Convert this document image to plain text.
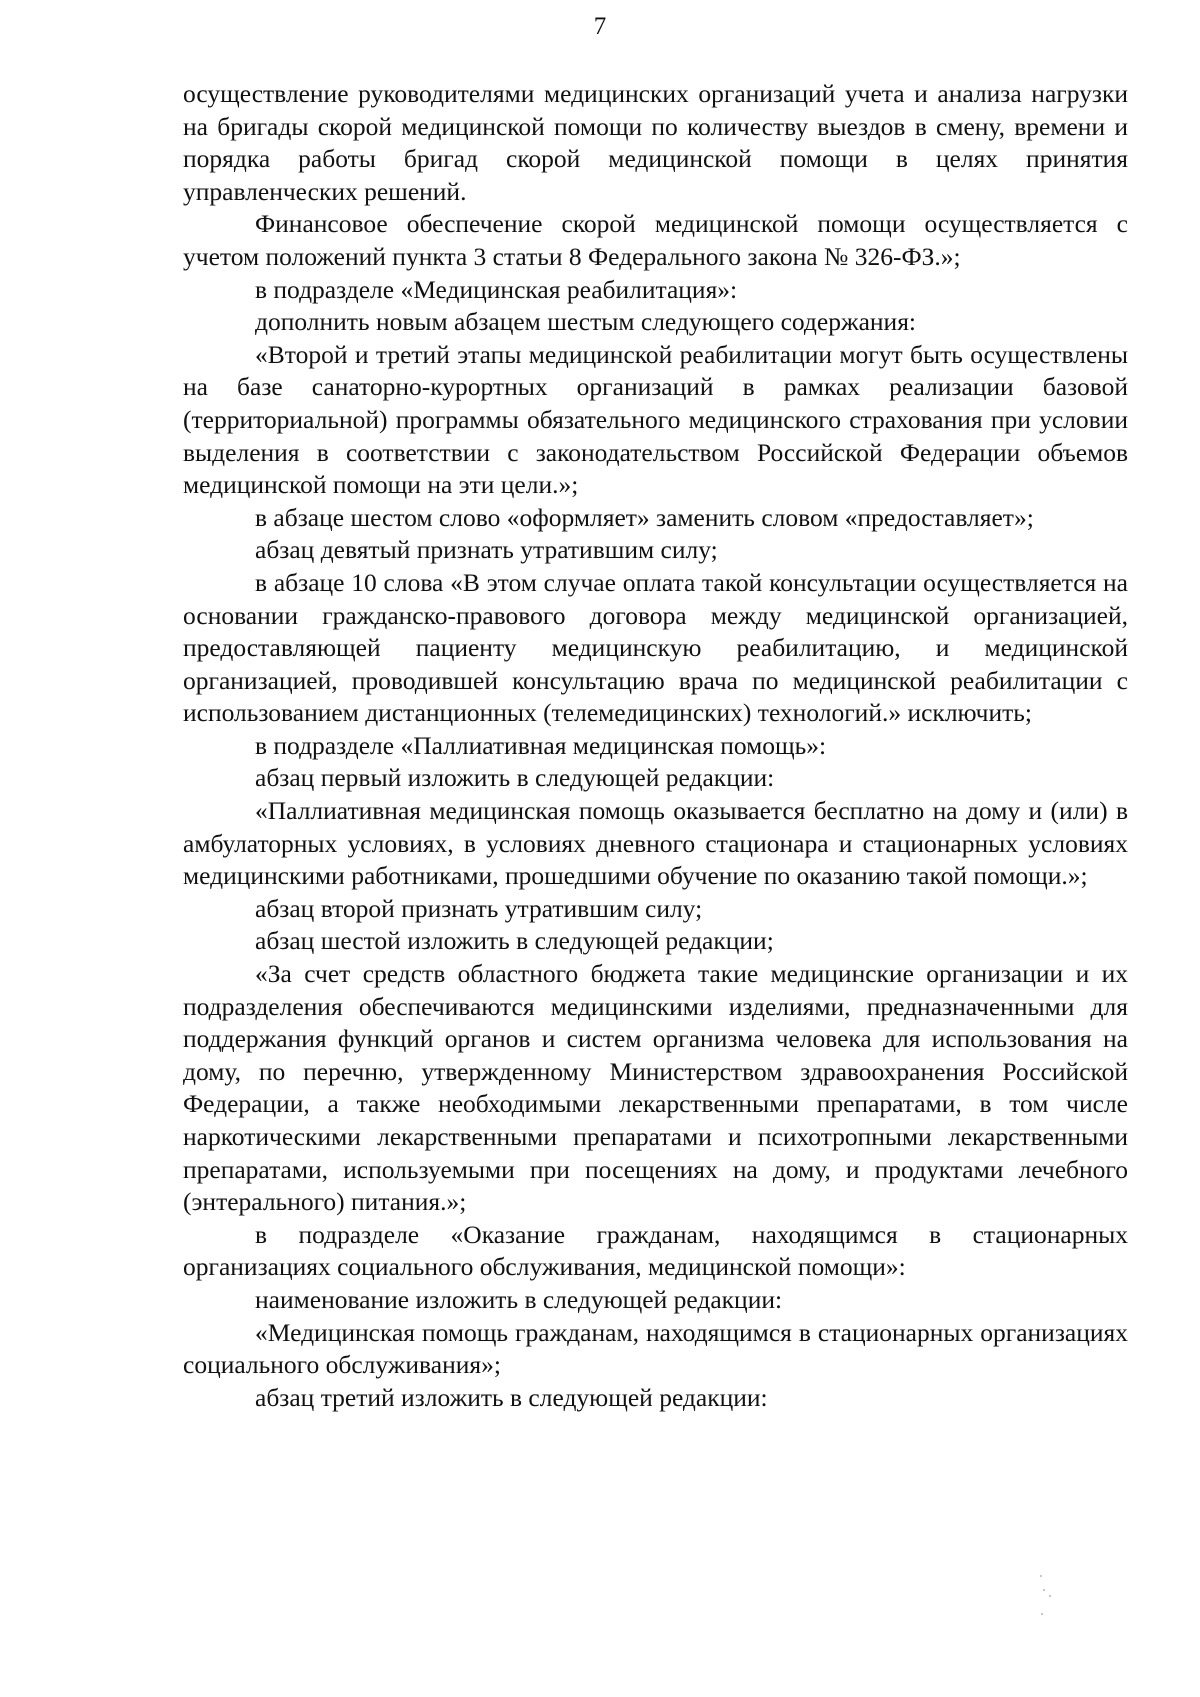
7

осуществление руководителями медицинских организаций учета и анализа нагрузки на бригады скорой медицинской помощи по количеству выездов в смену, времени и порядка работы бригад скорой медицинской помощи в целях принятия управленческих решений.

Финансовое обеспечение скорой медицинской помощи осуществляется с учетом положений пункта 3 статьи 8 Федерального закона № 326-ФЗ.»;

в подразделе «Медицинская реабилитация»:

дополнить новым абзацем шестым следующего содержания:

«Второй и третий этапы медицинской реабилитации могут быть осуществлены на базе санаторно-курортных организаций в рамках реализации базовой (территориальной) программы обязательного медицинского страхования при условии выделения в соответствии с законодательством Российской Федерации объемов медицинской помощи на эти цели.»;

в абзаце шестом слово «оформляет» заменить словом «предоставляет»;

абзац девятый признать утратившим силу;

в абзаце 10 слова «В этом случае оплата такой консультации осуществляется на основании гражданско-правового договора между медицинской организацией, предоставляющей пациенту медицинскую реабилитацию, и медицинской организацией, проводившей консультацию врача по медицинской реабилитации с использованием дистанционных (телемедицинских) технологий.» исключить;

в подразделе «Паллиативная медицинская помощь»:

абзац первый изложить в следующей редакции:

«Паллиативная медицинская помощь оказывается бесплатно на дому и (или) в амбулаторных условиях, в условиях дневного стационара и стационарных условиях медицинскими работниками, прошедшими обучение по оказанию такой помощи.»;

абзац второй признать утратившим силу;

абзац шестой изложить в следующей редакции;

«За счет средств областного бюджета такие медицинские организации и их подразделения обеспечиваются медицинскими изделиями, предназначенными для поддержания функций органов и систем организма человека для использования на дому, по перечню, утвержденному Министерством здравоохранения Российской Федерации, а также необходимыми лекарственными препаратами, в том числе наркотическими лекарственными препаратами и психотропными лекарственными препаратами, используемыми при посещениях на дому, и продуктами лечебного (энтерального) питания.»;

в подразделе «Оказание гражданам, находящимся в стационарных организациях социального обслуживания, медицинской помощи»:

наименование изложить в следующей редакции:

«Медицинская помощь гражданам, находящимся в стационарных организациях социального обслуживания»;

абзац третий изложить в следующей редакции:
